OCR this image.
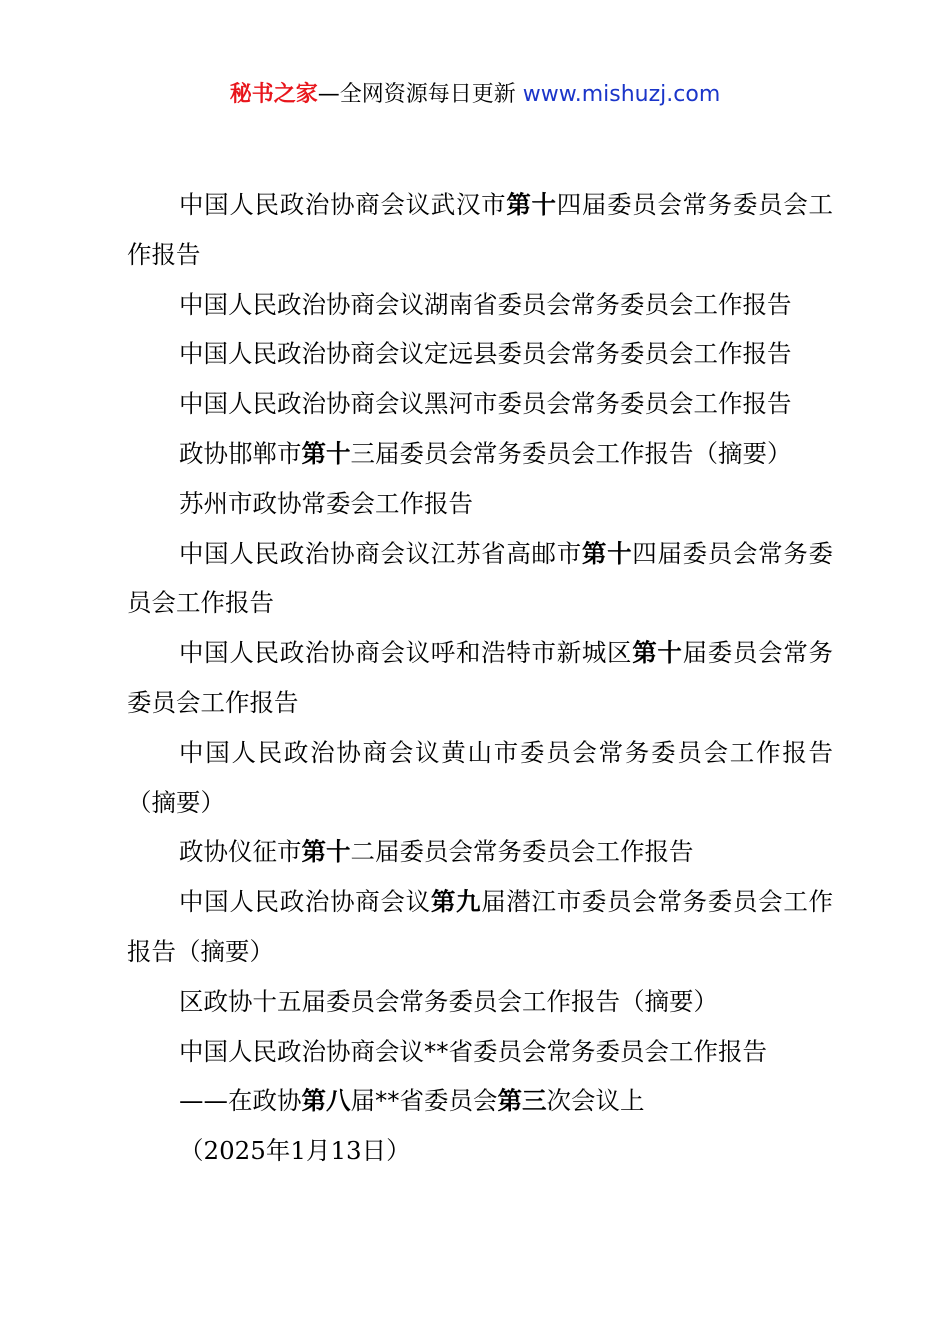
秘书之家—全网资源每日更新 www.mishuzj.com

中国人民政治协商会议武汉市第十四届委员会常务委员会工作报告

中国人民政治协商会议湖南省委员会常务委员会工作报告

中国人民政治协商会议定远县委员会常务委员会工作报告

中国人民政治协商会议黑河市委员会常务委员会工作报告

政协邯郸市第十三届委员会常务委员会工作报告（摘要）

苏州市政协常委会工作报告

中国人民政治协商会议江苏省高邮市第十四届委员会常务委员会工作报告

中国人民政治协商会议呼和浩特市新城区第十届委员会常务委员会工作报告

中国人民政治协商会议黄山市委员会常务委员会工作报告（摘要）

政协仪征市第十二届委员会常务委员会工作报告

中国人民政治协商会议第九届潜江市委员会常务委员会工作报告（摘要）

区政协十五届委员会常务委员会工作报告（摘要）

中国人民政治协商会议**省委员会常务委员会工作报告

——在政协第八届**省委员会第三次会议上

（2025年1月13日）
